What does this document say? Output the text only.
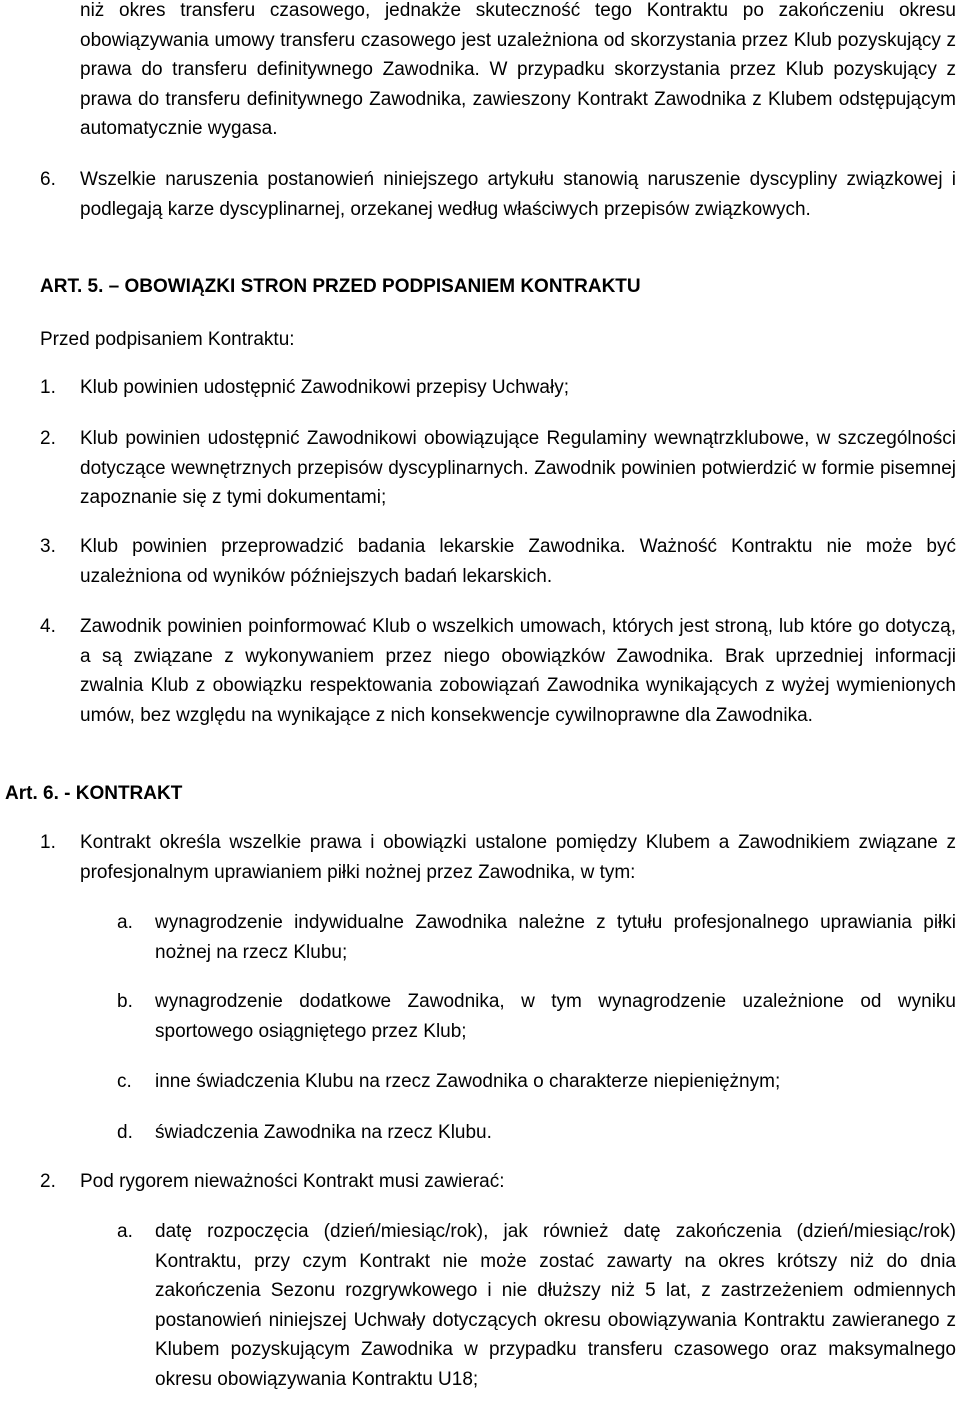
niż okres transferu czasowego, jednakże skuteczność tego Kontraktu po zakończeniu okresu obowiązywania umowy transferu czasowego jest uzależniona od skorzystania przez Klub pozyskujący z prawa do transferu definitywnego Zawodnika. W przypadku skorzystania przez Klub pozyskujący z prawa do transferu definitywnego Zawodnika, zawieszony Kontrakt Zawodnika z Klubem odstępującym automatycznie wygasa.
6. Wszelkie naruszenia postanowień niniejszego artykułu stanowią naruszenie dyscypliny związkowej i podlegają karze dyscyplinarnej, orzekanej według właściwych przepisów związkowych.
ART. 5. – OBOWIĄZKI STRON PRZED PODPISANIEM KONTRAKTU
Przed podpisaniem Kontraktu:
1. Klub powinien udostępnić Zawodnikowi przepisy Uchwały;
2. Klub powinien udostępnić Zawodnikowi obowiązujące Regulaminy wewnątrzklubowe, w szczególności dotyczące wewnętrznych przepisów dyscyplinarnych. Zawodnik powinien potwierdzić w formie pisemnej zapoznanie się z tymi dokumentami;
3. Klub powinien przeprowadzić badania lekarskie Zawodnika. Ważność Kontraktu nie może być uzależniona od wyników późniejszych badań lekarskich.
4. Zawodnik powinien poinformować Klub o wszelkich umowach, których jest stroną, lub które go dotyczą, a są związane z wykonywaniem przez niego obowiązków Zawodnika. Brak uprzedniej informacji zwalnia Klub z obowiązku respektowania zobowiązań Zawodnika wynikających z wyżej wymienionych umów, bez względu na wynikające z nich konsekwencje cywilnoprawne dla Zawodnika.
Art. 6. - KONTRAKT
1. Kontrakt określa wszelkie prawa i obowiązki ustalone pomiędzy Klubem a Zawodnikiem związane z profesjonalnym uprawianiem piłki nożnej przez Zawodnika, w tym:
a. wynagrodzenie indywidualne Zawodnika należne z tytułu profesjonalnego uprawiania piłki nożnej na rzecz Klubu;
b. wynagrodzenie dodatkowe Zawodnika, w tym wynagrodzenie uzależnione od wyniku sportowego osiągniętego przez Klub;
c. inne świadczenia Klubu na rzecz Zawodnika o charakterze niepieniężnym;
d. świadczenia Zawodnika na rzecz Klubu.
2. Pod rygorem nieważności Kontrakt musi zawierać:
a. datę rozpoczęcia (dzień/miesiąc/rok), jak również datę zakończenia (dzień/miesiąc/rok) Kontraktu, przy czym Kontrakt nie może zostać zawarty na okres krótszy niż do dnia zakończenia Sezonu rozgrywkowego i nie dłuższy niż 5 lat, z zastrzeżeniem odmiennych postanowień niniejszej Uchwały dotyczących okresu obowiązywania Kontraktu zawieranego z Klubem pozyskującym Zawodnika w przypadku transferu czasowego oraz maksymalnego okresu obowiązywania Kontraktu U18;
